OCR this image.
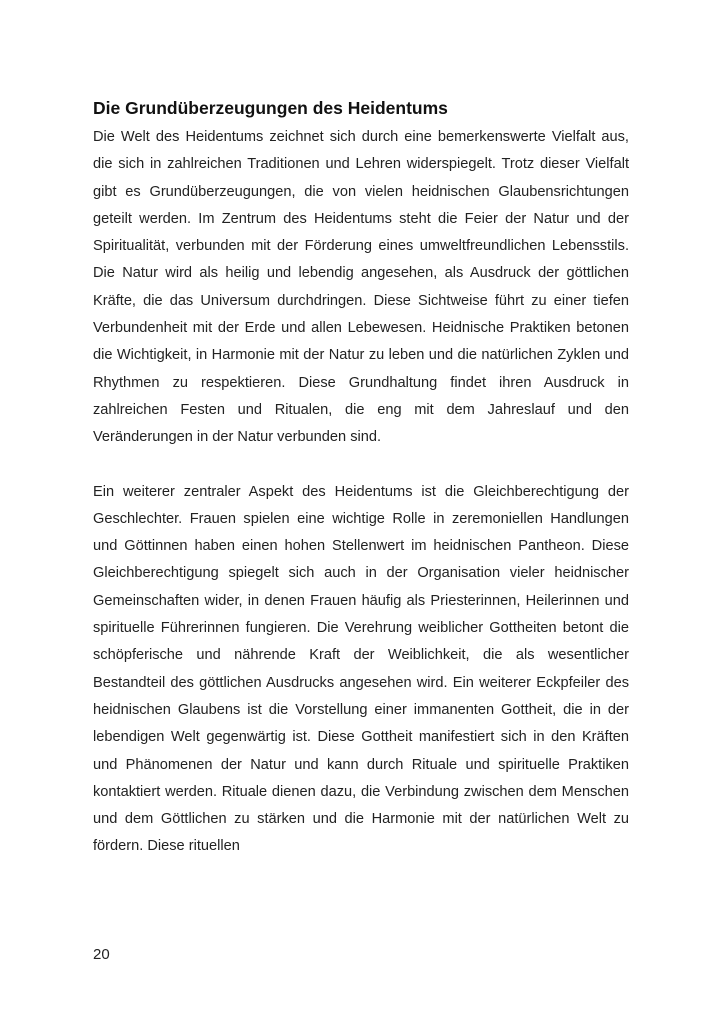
Die Grundüberzeugungen des Heidentums

Die Welt des Heidentums zeichnet sich durch eine bemerkenswerte Vielfalt aus, die sich in zahlreichen Traditionen und Lehren widerspiegelt. Trotz dieser Vielfalt gibt es Grundüberzeugungen, die von vielen heidnischen Glaubensrichtungen geteilt werden. Im Zentrum des Heidentums steht die Feier der Natur und der Spiritualität, verbunden mit der Förderung eines umweltfreundlichen Lebensstils. Die Natur wird als heilig und lebendig angesehen, als Ausdruck der göttlichen Kräfte, die das Universum durchdringen. Diese Sichtweise führt zu einer tiefen Verbundenheit mit der Erde und allen Lebewesen. Heidnische Praktiken betonen die Wichtigkeit, in Harmonie mit der Natur zu leben und die natürlichen Zyklen und Rhythmen zu respektieren. Diese Grundhaltung findet ihren Ausdruck in zahlreichen Festen und Ritualen, die eng mit dem Jahreslauf und den Veränderungen in der Natur verbunden sind.

Ein weiterer zentraler Aspekt des Heidentums ist die Gleichberechtigung der Geschlechter. Frauen spielen eine wichtige Rolle in zeremoniellen Handlungen und Göttinnen haben einen hohen Stellenwert im heidnischen Pantheon. Diese Gleichberechtigung spiegelt sich auch in der Organisation vieler heidnischer Gemeinschaften wider, in denen Frauen häufig als Priesterinnen, Heilerinnen und spirituelle Führerinnen fungieren. Die Verehrung weiblicher Gottheiten betont die schöpferische und nährende Kraft der Weiblichkeit, die als wesentlicher Bestandteil des göttlichen Ausdrucks angesehen wird. Ein weiterer Eckpfeiler des heidnischen Glaubens ist die Vorstellung einer immanenten Gottheit, die in der lebendigen Welt gegenwärtig ist. Diese Gottheit manifestiert sich in den Kräften und Phänomenen der Natur und kann durch Rituale und spirituelle Praktiken kontaktiert werden. Rituale dienen dazu, die Verbindung zwischen dem Menschen und dem Göttlichen zu stärken und die Harmonie mit der natürlichen Welt zu fördern. Diese rituellen

20
